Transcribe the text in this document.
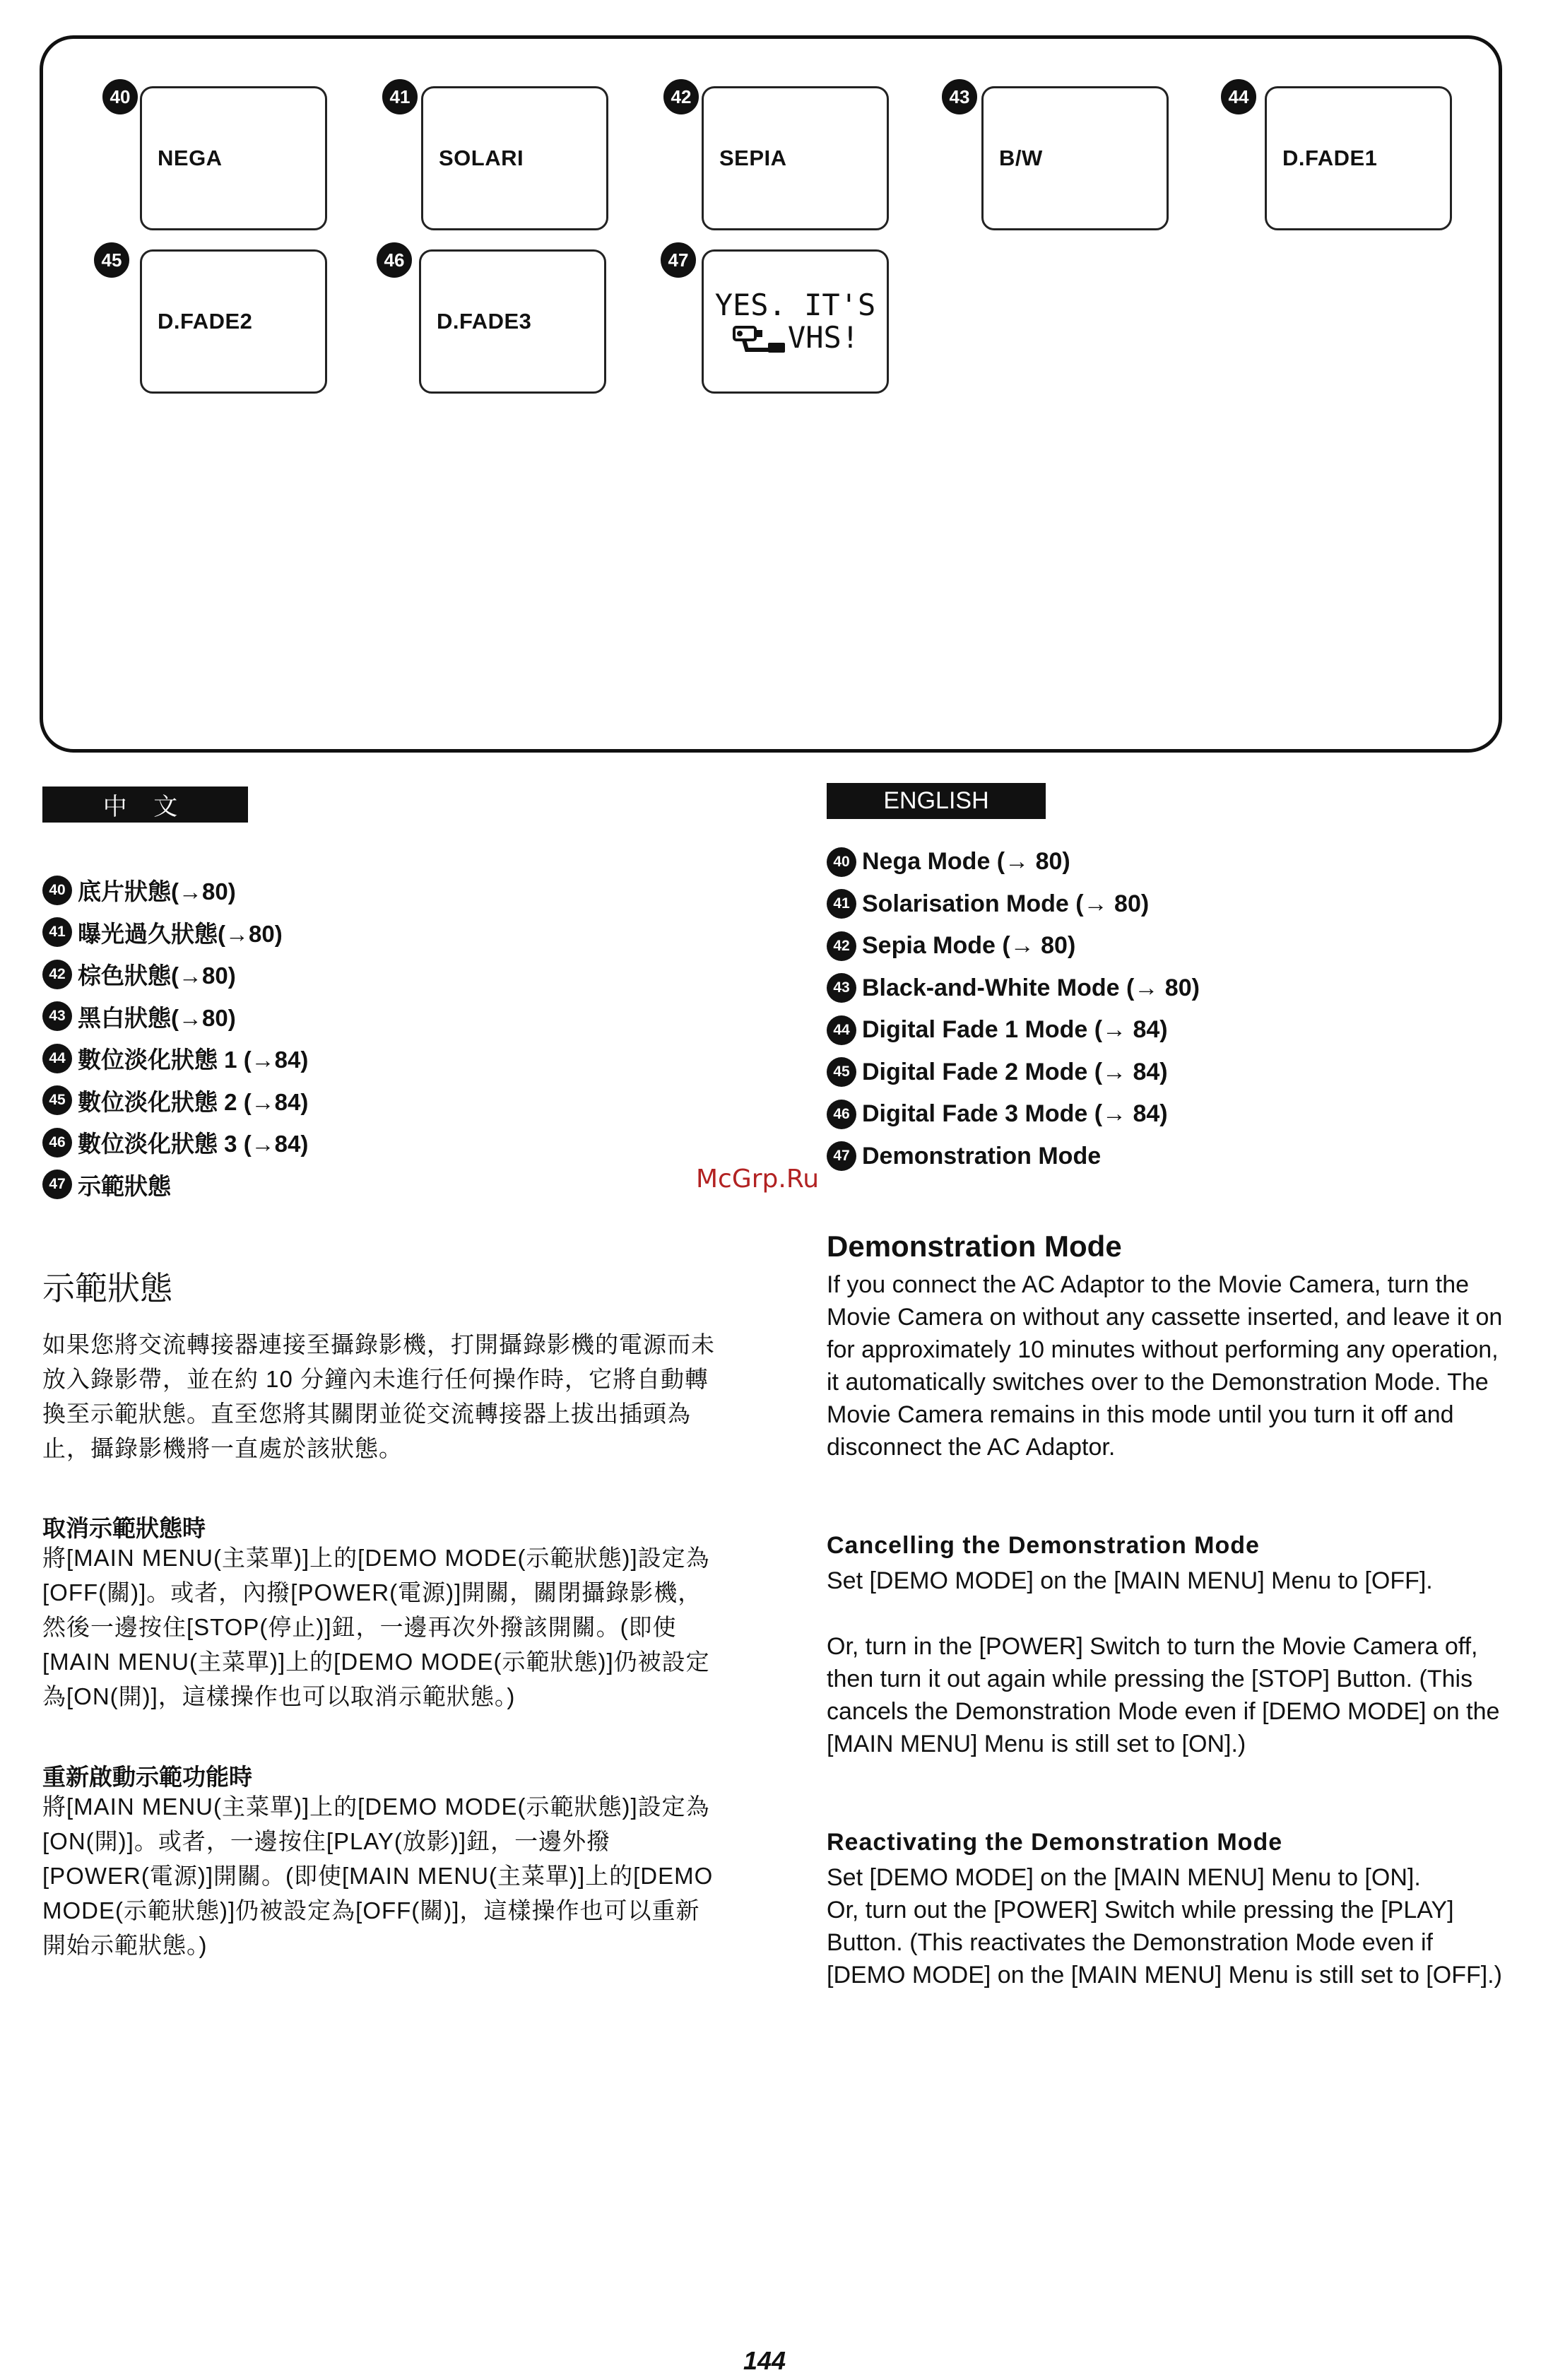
40
NEGA
41
SOLARI
42
SEPIA
43
B/W
44
D.FADE1
45
D.FADE2
46
D.FADE3
47
YES. IT'S
VHS!
中 文
40 底片狀態(→80)
41 曝光過久狀態(→80)
42 棕色狀態(→80)
43 黑白狀態(→80)
44 數位淡化狀態 1 (→84)
45 數位淡化狀態 2 (→84)
46 數位淡化狀態 3 (→84)
47 示範狀態
示範狀態
如果您將交流轉接器連接至攝錄影機，打開攝錄影機的電源而未放入錄影帶，並在約 10 分鐘內未進行任何操作時，它將自動轉換至示範狀態。直至您將其關閉並從交流轉接器上拔出插頭為止，攝錄影機將一直處於該狀態。
取消示範狀態時
將[MAIN MENU(主菜單)]上的[DEMO MODE(示範狀態)]設定為[OFF(關)]。或者，內撥[POWER(電源)]開關，關閉攝錄影機，然後一邊按住[STOP(停止)]鈕，一邊再次外撥該開關。(即使[MAIN MENU(主菜單)]上的[DEMO MODE(示範狀態)]仍被設定為[ON(開)]，這樣操作也可以取消示範狀態。)
重新啟動示範功能時
將[MAIN MENU(主菜單)]上的[DEMO MODE(示範狀態)]設定為[ON(開)]。或者，一邊按住[PLAY(放影)]鈕，一邊外撥[POWER(電源)]開關。(即使[MAIN MENU(主菜單)]上的[DEMO MODE(示範狀態)]仍被設定為[OFF(關)]，這樣操作也可以重新開始示範狀態。)
ENGLISH
40 Nega Mode (→ 80)
41 Solarisation Mode (→ 80)
42 Sepia Mode (→ 80)
43 Black-and-White Mode (→ 80)
44 Digital Fade 1 Mode (→ 84)
45 Digital Fade 2 Mode (→ 84)
46 Digital Fade 3 Mode (→ 84)
47 Demonstration Mode
Demonstration Mode
If you connect the AC Adaptor to the Movie Camera, turn the Movie Camera on without any cassette inserted, and leave it on for approximately 10 minutes without performing any operation, it automatically switches over to the Demonstration Mode. The Movie Camera remains in this mode until you turn it off and disconnect the AC Adaptor.
Cancelling the Demonstration Mode
Set [DEMO MODE] on the [MAIN MENU] Menu to [OFF].
Or, turn in the [POWER] Switch to turn the Movie Camera off, then turn it out again while pressing the [STOP] Button. (This cancels the Demonstration Mode even if [DEMO MODE] on the [MAIN MENU] Menu is still set to [ON].)
Reactivating the Demonstration Mode
Set [DEMO MODE] on the [MAIN MENU] Menu to [ON].
Or, turn out the [POWER] Switch while pressing the [PLAY] Button. (This reactivates the Demonstration Mode even if [DEMO MODE] on the [MAIN MENU] Menu is still set to [OFF].)
McGrp.Ru
144
